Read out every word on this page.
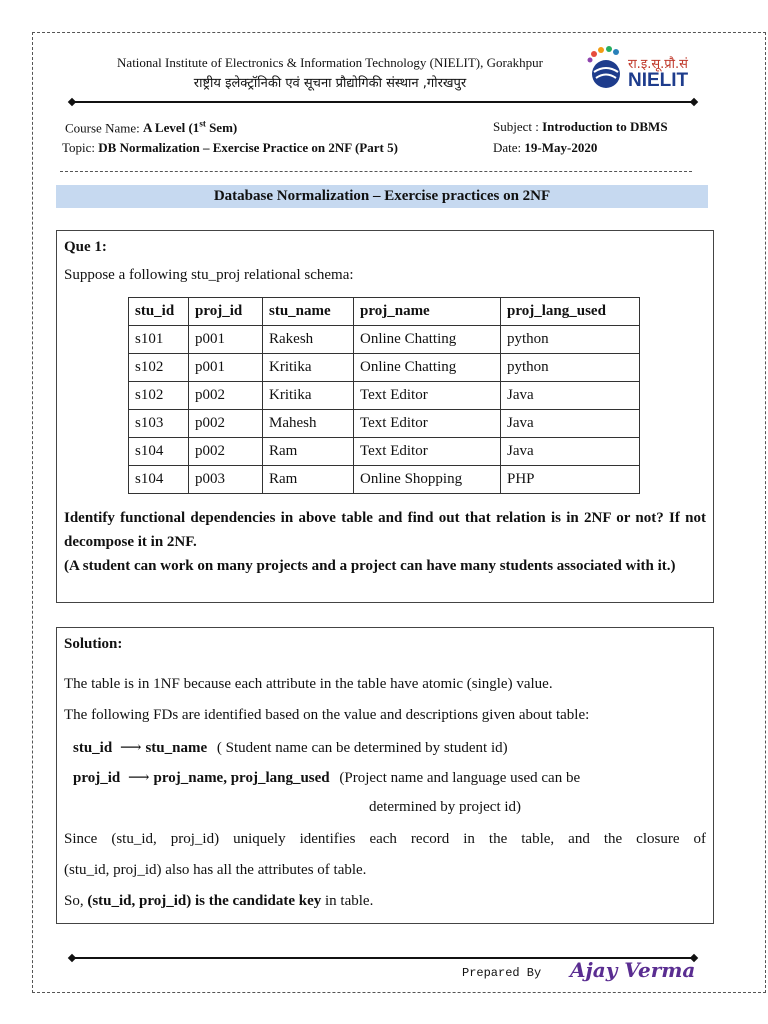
National Institute of Electronics & Information Technology (NIELIT), Gorakhpur
राष्ट्रीय इलेक्ट्रॉनिकी एवं सूचना प्रौद्योगिकी संस्थान ,गोरखपुर
रा.इ.सू.प्रौ.सं
NIELIT
Course Name: A Level (1st Sem)
Topic: DB Normalization – Exercise Practice on 2NF (Part 5)
Subject : Introduction to DBMS
Date: 19-May-2020
Database Normalization – Exercise practices on 2NF
Que 1:
Suppose a following stu_proj relational schema:
stu_id	proj_id	stu_name	proj_name	proj_lang_used
s101	p001	Rakesh	Online Chatting	python
s102	p001	Kritika	Online Chatting	python
s102	p002	Kritika	Text Editor	Java
s103	p002	Mahesh	Text Editor	Java
s104	p002	Ram	Text Editor	Java
s104	p003	Ram	Online Shopping	PHP
Identify functional dependencies in above table and find out that relation is in 2NF or not? If not decompose it in 2NF.
(A student can work on many projects and a project can have many students associated with it.)
Solution:
The table is in 1NF because each attribute in the table have atomic (single) value.
The following FDs are identified based on the value and descriptions given about table:
stu_id ⟶ stu_name ( Student name can be determined by student id)
proj_id ⟶ proj_name, proj_lang_used (Project name and language used can be
determined by project id)
Since (stu_id, proj_id) uniquely identifies each record in the table, and the closure of
(stu_id, proj_id) also has all the attributes of table.
So, (stu_id, proj_id) is the candidate key in table.
Prepared By Ajay Verma
